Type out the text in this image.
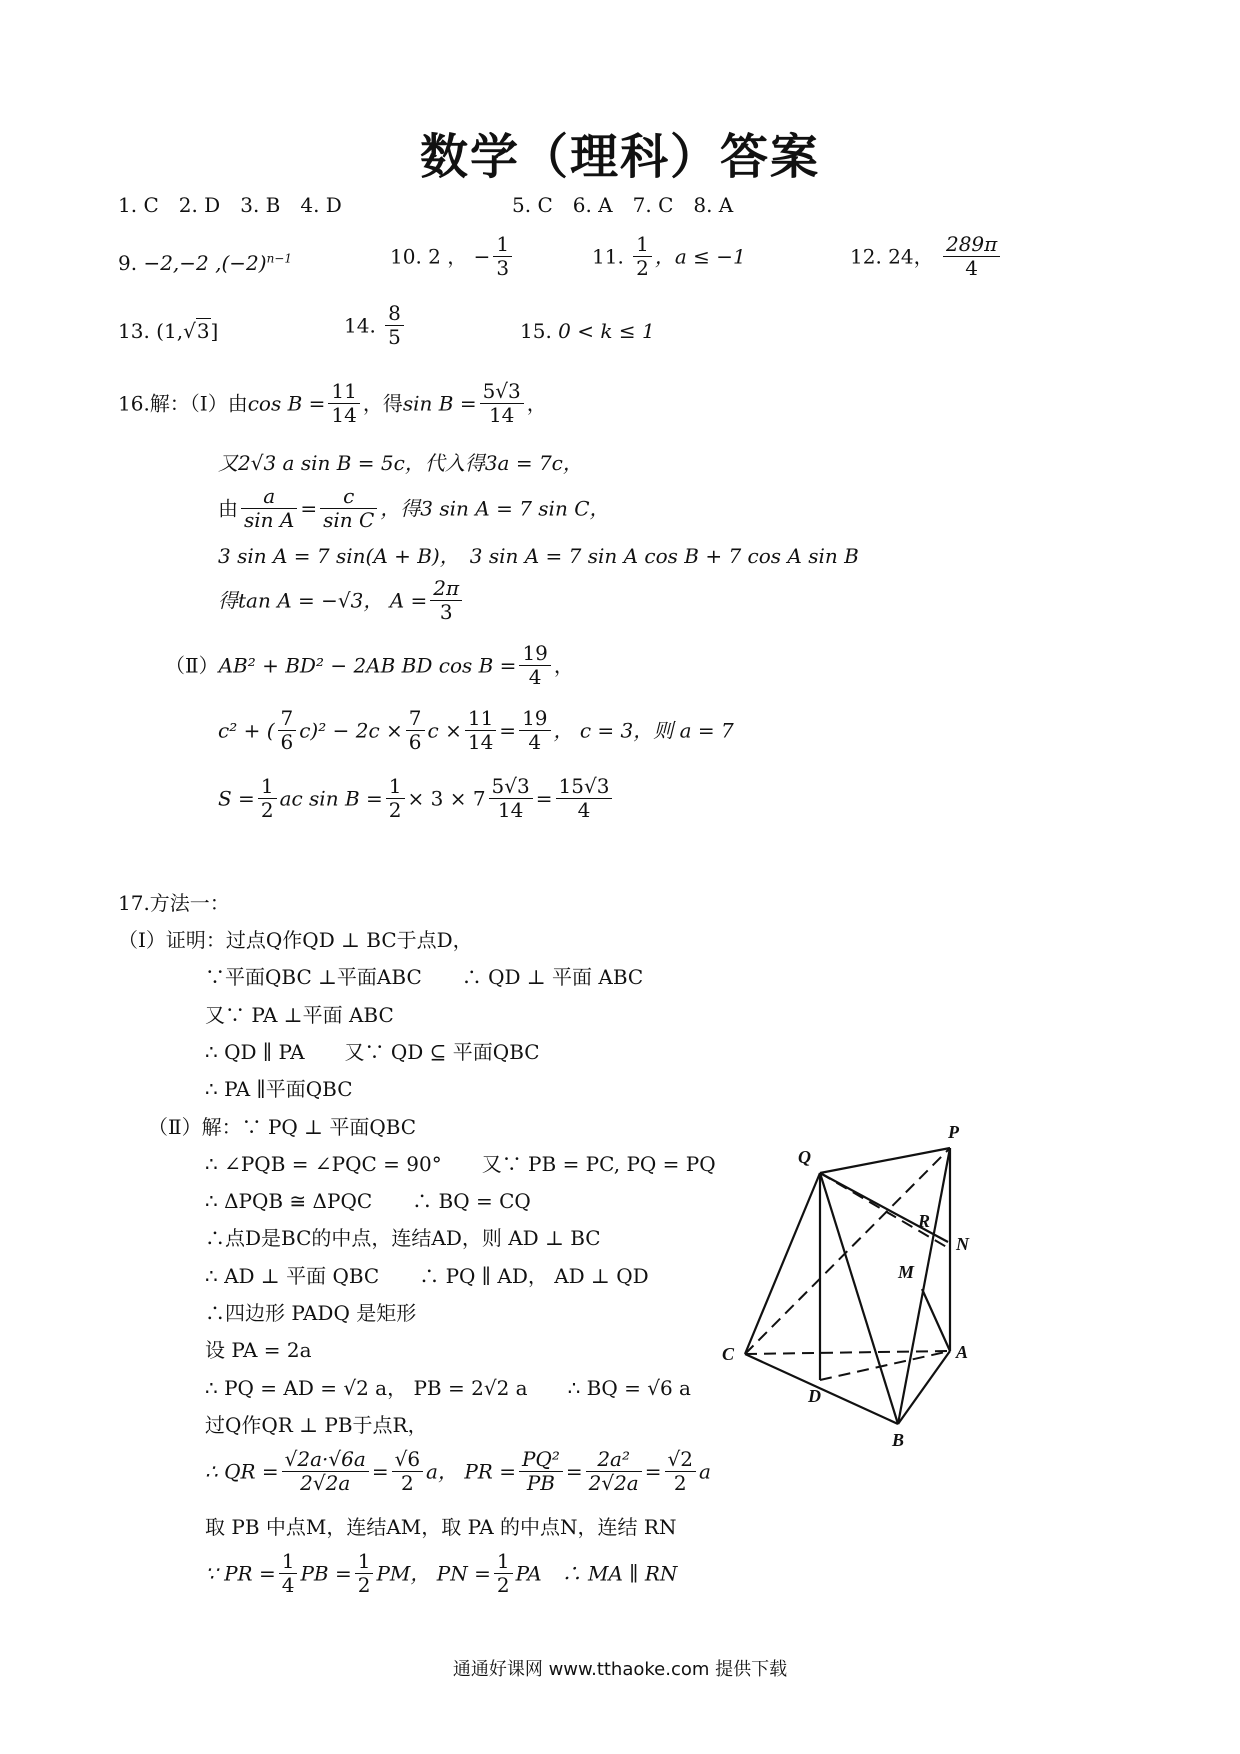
数学（理科）答案
1. C　2. D　3. B　4. D	5. C　6. A　7. C　8. A
9. −2,−2 $,(-2)^{n-1}$	10. 2 ， − $\frac{1}{3}$	11. $\frac{1}{2}$ ，a ≤ −1	12. 24， $\frac{289\pi}{4}$
13. (1,√3]	14. $\frac{8}{5}$	15. 0 < k ≤ 1
16.解：（Ⅰ）由$\cos B = \frac{11}{14}$ ，得$\sin B = \frac{5√3}{14}$ ，
又2√3 a sin B = 5c，代入得3a = 7c，
由 $\frac{a}{\text{sin A}} = \frac{c}{\text{sin C}}$ ，得3 sin A = 7 sin C，
3 sin A = 7 sin(A + B)，　3 sin A = 7 sin A cos B + 7 cos A sin B
得tan A = −√3， $A = \frac{2\pi}{3}$
（Ⅱ）AB² + BD² − 2AB BD $\cos B = \frac{19}{4}$ ，
c² + ( $\frac{7}{6} c)^2 - 2c \times \frac{7}{6}$ $c \times \frac{11}{14} = \frac{19}{4}$ ， c = 3，则 a = 7
$S = \frac{1}{2}$ ac $\sin B = \frac{1}{2} \times 3 \times 7 \frac{5√3}{14} = \frac{15√3}{4}$
17.方法一：
（Ⅰ）证明：过点Q作QD ⊥ BC于点D，
∵平面QBC ⊥平面ABC　　∴ QD ⊥ 平面 ABC
又∵ PA ⊥平面 ABC
∴ QD ∥ PA　　又∵ QD ⊆ 平面QBC
∴ PA ∥平面QBC
（Ⅱ）解：∵ PQ ⊥ 平面QBC
∴ ∠PQB = ∠PQC = 90°　　又∵ PB = PC, PQ = PQ
∴ ΔPQB ≅ ΔPQC　　∴ BQ = CQ
∴点D是BC的中点，连结AD，则 AD ⊥ BC
∴ AD ⊥ 平面 QBC　　∴ PQ ∥ AD， AD ⊥ QD
∴四边形 PADQ 是矩形
设 PA = 2a
∴ PQ = AD = √2 a， PB = 2√2 a　　∴ BQ = √6 a
过Q作QR ⊥ PB于点R，
∴ QR = $\frac{√2a\cdot√6a}{2√2a} = \frac{√6}{2}$ a， PR = $\frac{\text{PQ²}}{PB} = \frac{\text{2a²}}{2√2a} = \frac{√2}{2}$ a
取 PB 中点M，连结AM，取 PA 的中点N，连结 RN
∵ PR = $\frac{1}{4}$ PB = $\frac{1}{2}$ PM， PN = $\frac{1}{2}$ PA　∴ MA ∥ RN
P
Q
R
N
M
C	A
D
B
通通好课网 www.tthaoke.com 提供下载
